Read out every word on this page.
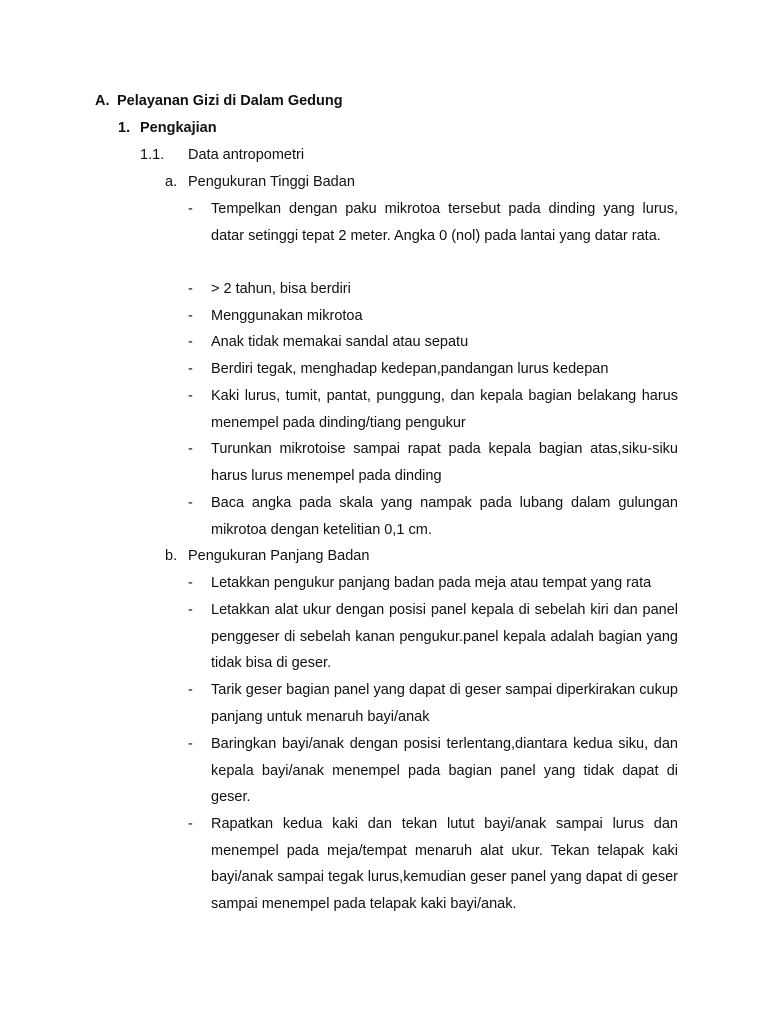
A. Pelayanan Gizi di Dalam Gedung
1. Pengkajian
1.1. Data antropometri
a. Pengukuran Tinggi Badan
- Tempelkan dengan paku mikrotoa tersebut pada dinding yang lurus, datar setinggi tepat 2 meter. Angka 0 (nol) pada lantai yang datar rata.
- > 2 tahun, bisa berdiri
- Menggunakan mikrotoa
- Anak tidak memakai sandal atau sepatu
- Berdiri tegak, menghadap kedepan,pandangan lurus kedepan
- Kaki lurus, tumit, pantat, punggung, dan kepala bagian belakang harus menempel pada dinding/tiang pengukur
- Turunkan mikrotoise sampai rapat pada kepala bagian atas,siku-siku harus lurus menempel pada dinding
- Baca angka pada skala yang nampak pada lubang dalam gulungan mikrotoa dengan ketelitian 0,1 cm.
b. Pengukuran Panjang Badan
- Letakkan pengukur panjang badan pada meja atau tempat yang rata
- Letakkan alat ukur dengan posisi panel kepala di sebelah kiri dan panel penggeser di sebelah kanan pengukur.panel kepala adalah bagian yang tidak bisa di geser.
- Tarik geser bagian panel yang dapat di geser sampai diperkirakan cukup panjang untuk menaruh bayi/anak
- Baringkan bayi/anak dengan posisi terlentang,diantara kedua siku, dan kepala bayi/anak menempel pada bagian panel yang tidak dapat di geser.
- Rapatkan kedua kaki dan tekan lutut bayi/anak sampai lurus dan menempel pada meja/tempat menaruh alat ukur. Tekan telapak kaki bayi/anak sampai tegak lurus,kemudian geser panel yang dapat di geser sampai menempel pada telapak kaki bayi/anak.
